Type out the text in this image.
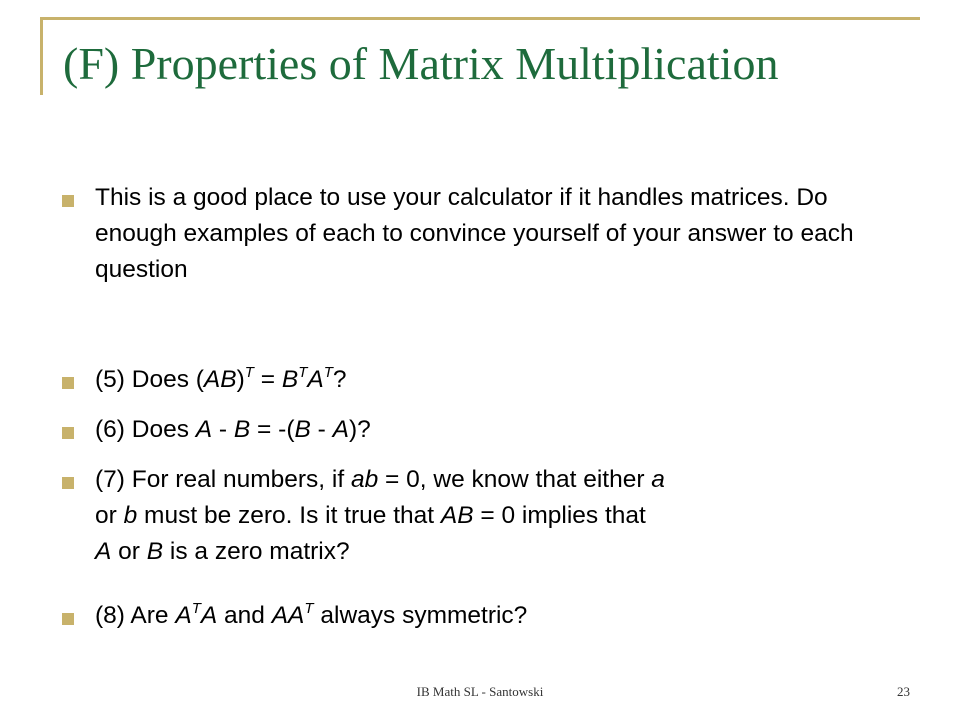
(F) Properties of Matrix Multiplication
This is a good place to use your calculator if it handles matrices. Do enough examples of each to convince yourself of your answer to each question
(5) Does $(AB)^T = B^TA^T$?
(6) Does A - B = -(B - A)?
(7) For real numbers, if ab = 0, we know that either a
or b must be zero. Is it true that AB = 0 implies that
A or B is a zero matrix?
(8) Are $A^TA$ and $AA^T$ always symmetric?
IB Math SL - Santowski	23
